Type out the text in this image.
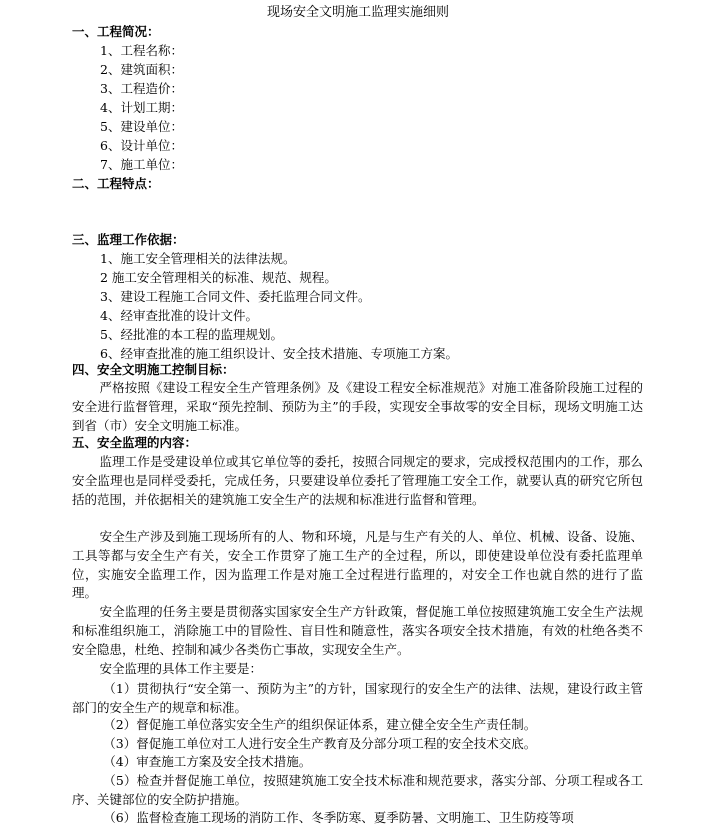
现场安全文明施工监理实施细则
一、工程简况：
1、工程名称：
2、建筑面积：
3、工程造价：
4、计划工期：
5、建设单位：
6、设计单位：
7、施工单位：
二、工程特点：
三、监理工作依据：
1、施工安全管理相关的法律法规。
2 施工安全管理相关的标准、规范、规程。
3、建设工程施工合同文件、委托监理合同文件。
4、经审查批准的设计文件。
5、经批准的本工程的监理规划。
6、经审查批准的施工组织设计、安全技术措施、专项施工方案。
四、安全文明施工控制目标：
严格按照《建设工程安全生产管理条例》及《建设工程安全标准规范》对施工准备阶段施工过程的安全进行监督管理，采取“预先控制、预防为主”的手段，实现安全事故零的安全目标，现场文明施工达到省（市）安全文明施工标准。
五、安全监理的内容：
监理工作是受建设单位或其它单位等的委托，按照合同规定的要求，完成授权范围内的工作，那么安全监理也是同样受委托，完成任务，只要建设单位委托了管理施工安全工作，就要认真的研究它所包括的范围，并依据相关的建筑施工安全生产的法规和标准进行监督和管理。
安全生产涉及到施工现场所有的人、物和环境，凡是与生产有关的人、单位、机械、设备、设施、工具等都与安全生产有关，安全工作贯穿了施工生产的全过程，所以，即使建设单位没有委托监理单位，实施安全监理工作，因为监理工作是对施工全过程进行监理的，对安全工作也就自然的进行了监理。
安全监理的任务主要是贯彻落实国家安全生产方针政策，督促施工单位按照建筑施工安全生产法规和标准组织施工，消除施工中的冒险性、盲目性和随意性，落实各项安全技术措施，有效的杜绝各类不安全隐患，杜绝、控制和减少各类伤亡事故，实现安全生产。
安全监理的具体工作主要是：
（1）贯彻执行“安全第一、预防为主”的方针，国家现行的安全生产的法律、法规，建设行政主管部门的安全生产的规章和标准。
（2）督促施工单位落实安全生产的组织保证体系，建立健全安全生产责任制。
（3）督促施工单位对工人进行安全生产教育及分部分项工程的安全技术交底。
（4）审查施工方案及安全技术措施。
（5）检查并督促施工单位，按照建筑施工安全技术标准和规范要求，落实分部、分项工程或各工序、关键部位的安全防护措施。
（6）监督检查施工现场的消防工作、冬季防寒、夏季防暑、文明施工、卫生防疫等项
